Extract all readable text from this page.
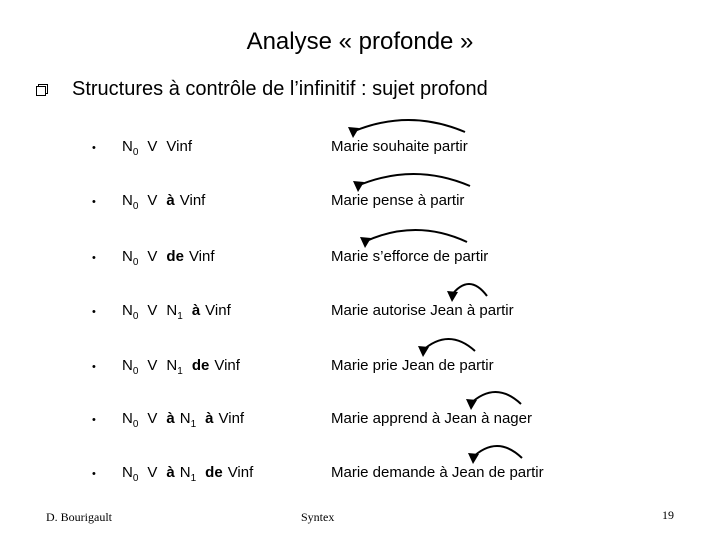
Analyse « profonde »
Structures à contrôle de l’infinitif : sujet profond
• $N_0$ V Vinf	Marie souhaite partir
• $N_0$ V à Vinf	Marie pense à partir
• $N_0$ V de Vinf	Marie s’efforce de partir
• $N_0$ V $N_1$ à Vinf	Marie autorise Jean à partir
• $N_0$ V $N_1$ de Vinf	Marie prie Jean de partir
• $N_0$ V à $N_1$ à Vinf	Marie apprend à Jean à nager
• $N_0$ V à $N_1$ de Vinf	Marie demande à Jean de partir
D. Bourigault	Syntex	19
